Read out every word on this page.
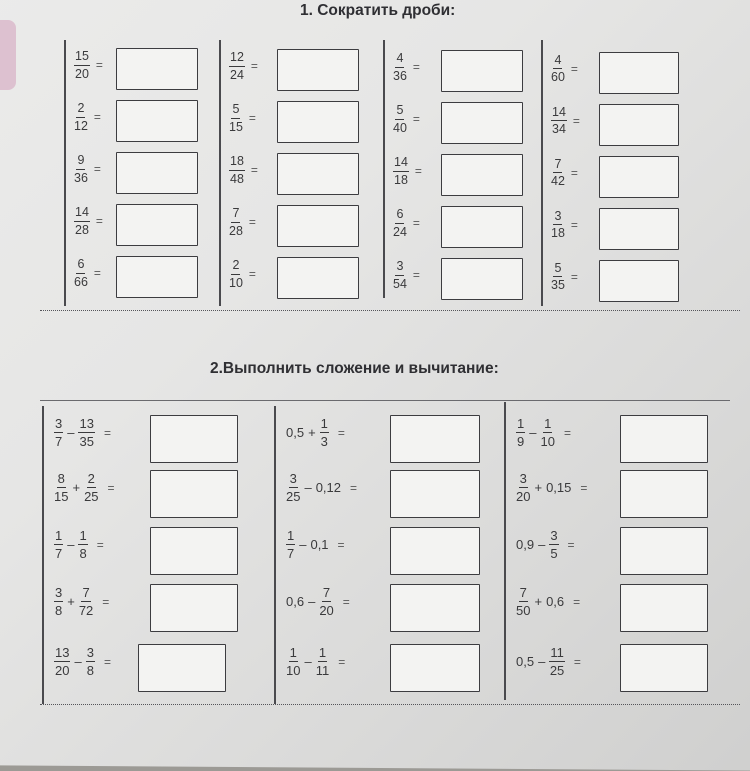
1. Сократить дроби:
$\frac{15}{20}$ =
$\frac{2}{12}$ =
$\frac{9}{36}$ =
$\frac{14}{28}$ =
$\frac{6}{66}$ =
$\frac{12}{24}$ =
$\frac{5}{15}$ =
$\frac{18}{48}$ =
$\frac{7}{28}$ =
$\frac{2}{10}$ =
$\frac{4}{36}$ =
$\frac{5}{40}$ =
$\frac{14}{18}$ =
$\frac{6}{24}$ =
$\frac{3}{54}$ =
$\frac{4}{60}$ =
$\frac{14}{34}$ =
$\frac{7}{42}$ =
$\frac{3}{18}$ =
$\frac{5}{35}$ =
2.Выполнить сложение и вычитание:
$\frac{3}{7} - \frac{13}{35}$ =
$\frac{8}{15} + \frac{2}{25}$ =
$\frac{1}{7} - \frac{1}{8}$ =
$\frac{3}{8} + \frac{7}{72}$ =
$\frac{13}{20} - \frac{3}{8}$ =
$0,5 + \frac{1}{3}$ =
$\frac{3}{25} - 0,12$ =
$\frac{1}{7} - 0,1$ =
$0,6 - \frac{7}{20}$ =
$\frac{1}{10} - \frac{1}{11}$ =
$\frac{1}{9} - \frac{1}{10}$ =
$\frac{3}{20} + 0,15$ =
$0,9 - \frac{3}{5}$ =
$\frac{7}{50} + 0,6$ =
$0,5 - \frac{11}{25}$ =
